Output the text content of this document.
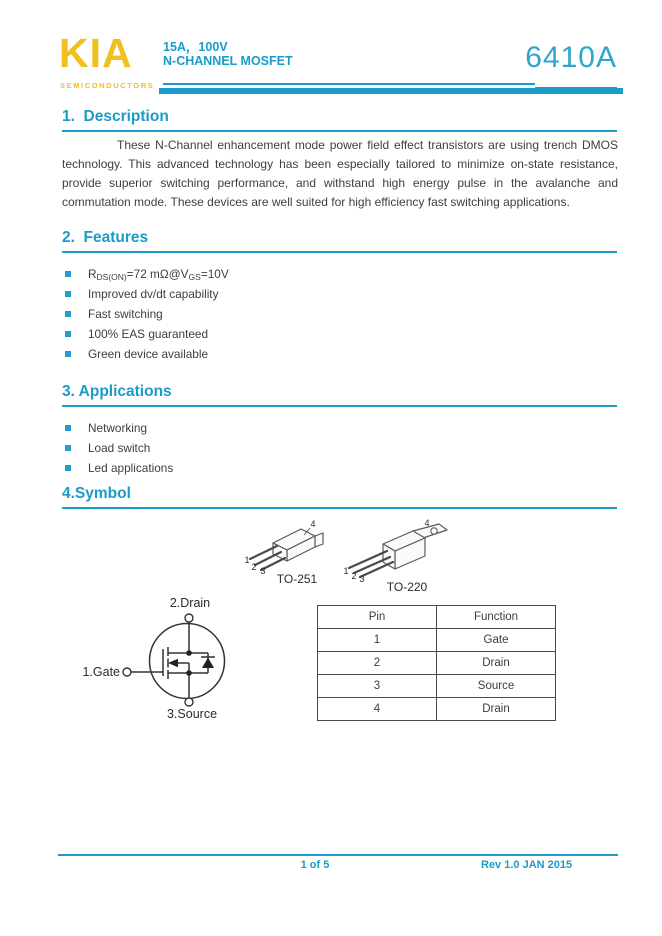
KIA
SEMICONDUCTORS
15A，100V
N-CHANNEL MOSFET	6410A
1.  Description
These N-Channel enhancement mode power field effect transistors are using trench DMOS technology. This advanced technology has been especially tailored to minimize on-state resistance, provide superior switching performance, and withstand high energy pulse in the avalanche and commutation mode. These devices are well suited for high efficiency fast switching applications.
2.  Features
$R_{DS(ON)}=72$ $m\Omega@V_{GS}=10V$
Improved dv/dt capability
Fast switching
100% EAS guaranteed
Green device available
3. Applications
Networking
Load switch
Led applications
4.Symbol
1
2 3
4
TO-251
1 2 3
4
TO-220
2.Drain
1.Gate
3.Source
Pin	Function
1	Gate
2	Drain
3	Source
4	Drain
1 of 5	Rev 1.0 JAN 2015
